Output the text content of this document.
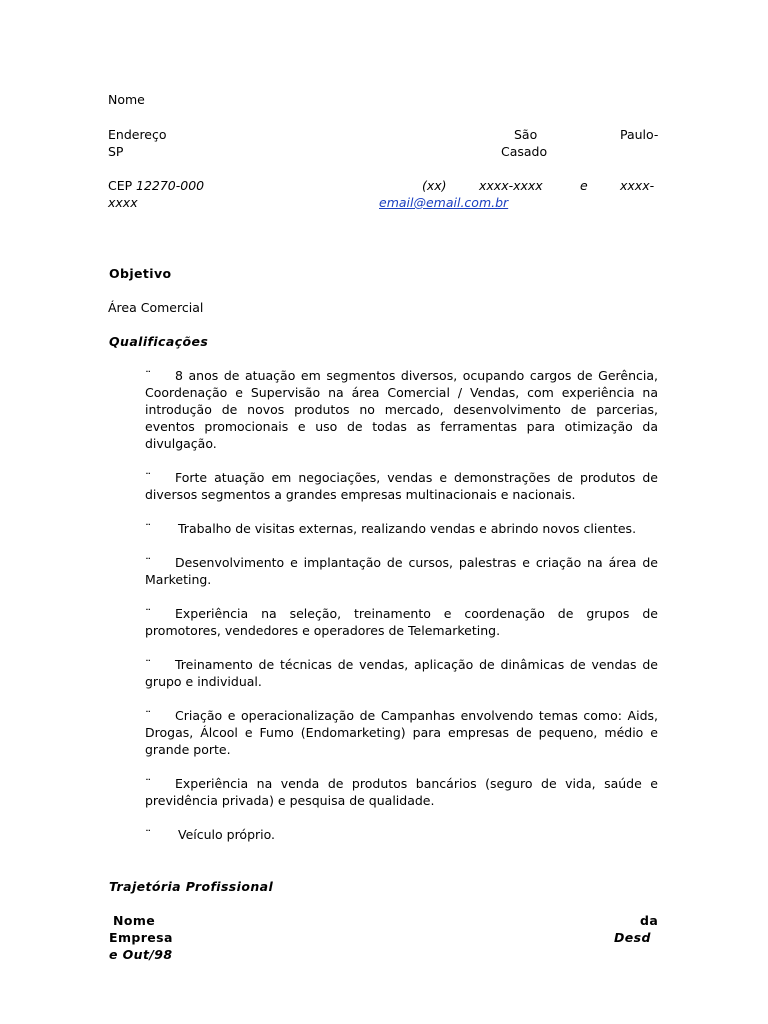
Nome
Endereço	São	Paulo-
SP	Casado
CEP 12270-000	(xx)	xxxx-xxxx	e	xxxx-
xxxx	email@email.com.br
Objetivo
Área Comercial
Qualificações
¨ 8 anos de atuação em segmentos diversos, ocupando cargos de Gerência, Coordenação e Supervisão na área Comercial / Vendas, com experiência na introdução de novos produtos no mercado, desenvolvimento de parcerias, eventos promocionais e uso de todas as ferramentas para otimização da divulgação.
¨ Forte atuação em negociações, vendas e demonstrações de produtos de diversos segmentos a grandes empresas multinacionais e nacionais.
¨ Trabalho de visitas externas, realizando vendas e abrindo novos clientes.
¨ Desenvolvimento e implantação de cursos, palestras e criação na área de Marketing.
¨ Experiência na seleção, treinamento e coordenação de grupos de promotores, vendedores e operadores de Telemarketing.
¨ Treinamento de técnicas de vendas, aplicação de dinâmicas de vendas de grupo e individual.
¨ Criação e operacionalização de Campanhas envolvendo temas como: Aids, Drogas, Álcool e Fumo (Endomarketing) para empresas de pequeno, médio e grande porte.
¨ Experiência na venda de produtos bancários (seguro de vida, saúde e previdência privada) e pesquisa de qualidade.
¨ Veículo próprio.
Trajetória Profissional
Nome	da
Empresa	Desd
e Out/98
